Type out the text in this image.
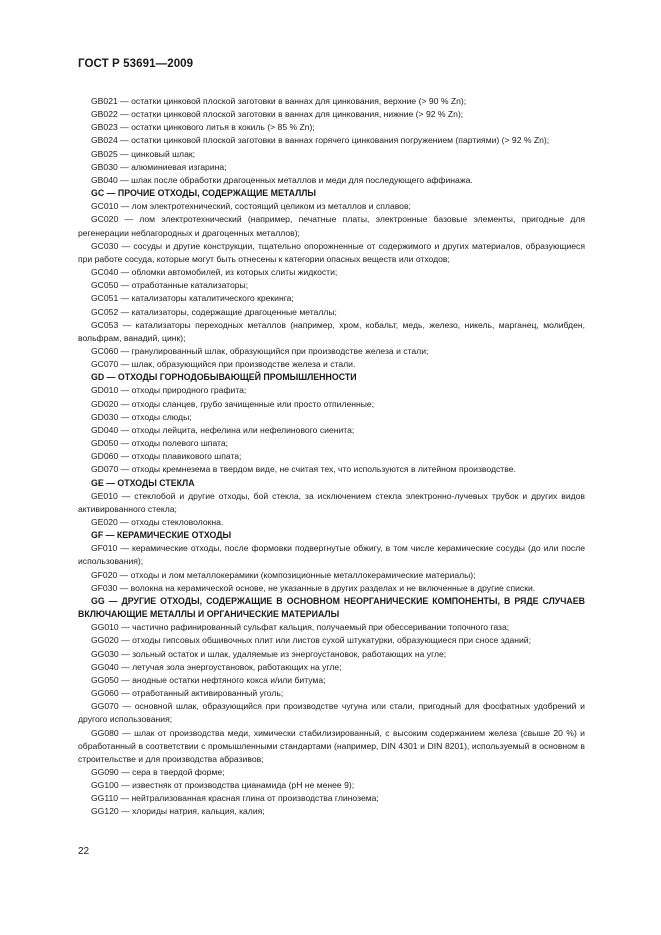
ГОСТ Р 53691—2009

GB021 — остатки цинковой плоской заготовки в ваннах для цинкования, верхние (> 90 % Zn);

GB022 — остатки цинковой плоской заготовки в ваннах для цинкования, нижние (> 92 % Zn);

GB023 — остатки цинкового литья в кокиль (> 85 % Zn);

GB024 — остатки цинковой плоской заготовки в ваннах горячего цинкования погружением (партиями) (> 92 % Zn);

GB025 — цинковый шлак;

GB030 — алюминиевая изгарина;

GB040 — шлак после обработки драгоценных металлов и меди для последующего аффинажа.

GC — ПРОЧИЕ ОТХОДЫ, СОДЕРЖАЩИЕ МЕТАЛЛЫ

GC010 — лом электротехнический, состоящий целиком из металлов и сплавов;

GC020 — лом электротехнический (например, печатные платы, электронные базовые элементы, пригодные для регенерации неблагородных и драгоценных металлов);

GC030 — сосуды и другие конструкции, тщательно опорожненные от содержимого и других материалов, образующиеся при работе сосуда, которые могут быть отнесены к категории опасных веществ или отходов;

GC040 — обломки автомобилей, из которых слиты жидкости;

GC050 — отработанные катализаторы;

GC051 — катализаторы каталитического крекинга;

GC052 — катализаторы, содержащие драгоценные металлы;

GC053 — катализаторы переходных металлов (например, хром, кобальт, медь, железо, никель, марганец, молибден, вольфрам, ванадий, цинк);

GC060 — гранулированный шлак, образующийся при производстве железа и стали;

GC070 — шлак, образующийся при производстве железа и стали.

GD — ОТХОДЫ ГОРНОДОБЫВАЮЩЕЙ ПРОМЫШЛЕННОСТИ

GD010 — отходы природного графита;

GD020 — отходы сланцев, грубо зачищенные или просто отпиленные;

GD030 — отходы слюды;

GD040 — отходы лейцита, нефелина или нефелинового сиенита;

GD050 — отходы полевого шпата;

GD060 — отходы плавикового шпата;

GD070 — отходы кремнезема в твердом виде, не считая тех, что используются в литейном производстве.

GE — ОТХОДЫ СТЕКЛА

GE010 — стеклобой и другие отходы, бой стекла, за исключением стекла электронно-лучевых трубок и других видов активированного стекла;

GE020 — отходы стекловолокна.

GF — КЕРАМИЧЕСКИЕ ОТХОДЫ

GF010 — керамические отходы, после формовки подвергнутые обжигу, в том числе керамические сосуды (до или после использования);

GF020 — отходы и лом металлокерамики (композиционные металлокерамические материалы);

GF030 — волокна на керамической основе, не указанные в других разделах и не включенные в другие списки.

GG — ДРУГИЕ ОТХОДЫ, СОДЕРЖАЩИЕ В ОСНОВНОМ НЕОРГАНИЧЕСКИЕ КОМПОНЕНТЫ, В РЯДЕ СЛУЧАЕВ ВКЛЮЧАЮЩИЕ МЕТАЛЛЫ И ОРГАНИЧЕСКИЕ МАТЕРИАЛЫ

GG010 — частично рафинированный сульфат кальция, получаемый при обессеривании топочного газа;

GG020 — отходы гипсовых обшивочных плит или листов сухой штукатурки, образующиеся при сносе зданий;

GG030 — зольный остаток и шлак, удаляемые из энергоустановок, работающих на угле;

GG040 — летучая зола энергоустановок, работающих на угле;

GG050 — анодные остатки нефтяного кокса и/или битума;

GG060 — отработанный активированный уголь;

GG070 — основной шлак, образующийся при производстве чугуна или стали, пригодный для фосфатных удобрений и другого использования;

GG080 — шлак от производства меди, химически стабилизированный, с высоким содержанием железа (свыше 20 %) и обработанный в соответствии с промышленными стандартами (например, DIN 4301 и DIN 8201), используемый в основном в строительстве и для производства абразивов;

GG090 — сера в твердой форме;

GG100 — известняк от производства цианамида (pH не менее 9);

GG110 — нейтрализованная красная глина от производства глинозема;

GG120 — хлориды натрия, кальция, калия;

22
